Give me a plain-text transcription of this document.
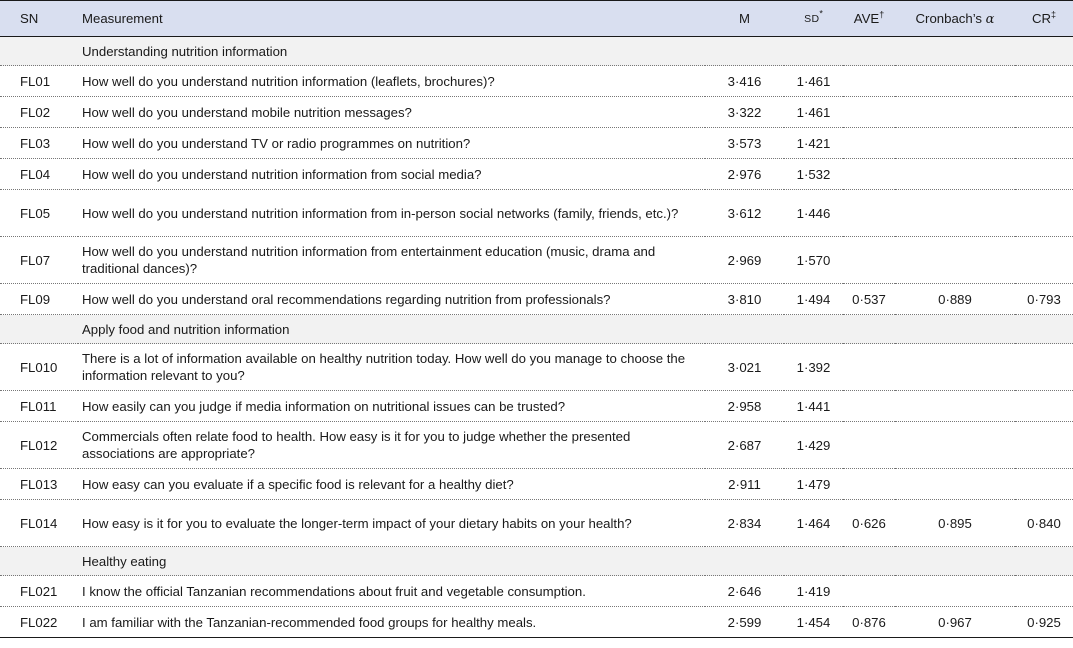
SN	Measurement	M	SD*	AVE†	Cronbach’s α	CR‡
	Understanding nutrition information					
FL01	How well do you understand nutrition information (leaflets, brochures)?	3·416	1·461			
FL02	How well do you understand mobile nutrition messages?	3·322	1·461			
FL03	How well do you understand TV or radio programmes on nutrition?	3·573	1·421			
FL04	How well do you understand nutrition information from social media?	2·976	1·532			
FL05	How well do you understand nutrition information from in-person social networks (family, friends, etc.)?	3·612	1·446			
FL07	How well do you understand nutrition information from entertainment education (music, drama and traditional dances)?	2·969	1·570			
FL09	How well do you understand oral recommendations regarding nutrition from professionals?	3·810	1·494	0·537	0·889	0·793
	Apply food and nutrition information					
FL010	There is a lot of information available on healthy nutrition today. How well do you manage to choose the information relevant to you?	3·021	1·392			
FL011	How easily can you judge if media information on nutritional issues can be trusted?	2·958	1·441			
FL012	Commercials often relate food to health. How easy is it for you to judge whether the presented associations are appropriate?	2·687	1·429			
FL013	How easy can you evaluate if a specific food is relevant for a healthy diet?	2·911	1·479			
FL014	How easy is it for you to evaluate the longer-term impact of your dietary habits on your health?	2·834	1·464	0·626	0·895	0·840
	Healthy eating					
FL021	I know the official Tanzanian recommendations about fruit and vegetable consumption.	2·646	1·419			
FL022	I am familiar with the Tanzanian-recommended food groups for healthy meals.	2·599	1·454	0·876	0·967	0·925
